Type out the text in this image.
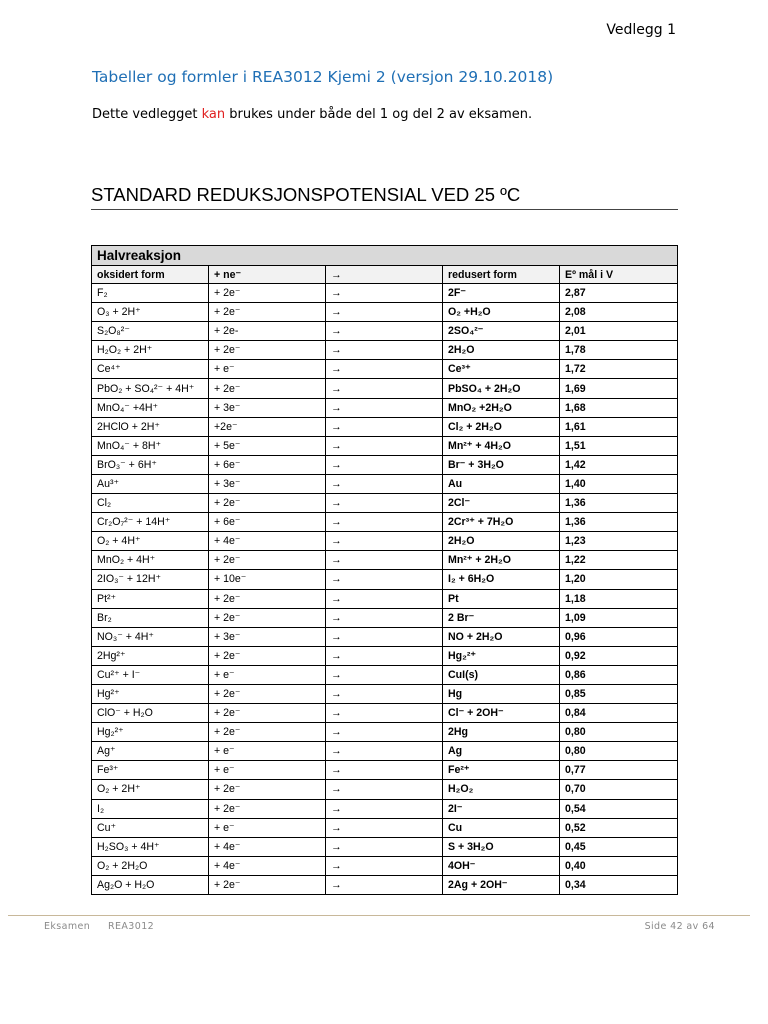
Vedlegg 1
Tabeller og formler i REA3012 Kjemi 2 (versjon 29.10.2018)
Dette vedlegget kan brukes under både del 1 og del 2 av eksamen.
STANDARD REDUKSJONSPOTENSIAL VED 25 ºC
Halvreaksjon				
oksidert form	+ ne⁻	→	redusert form	Eº mål i V
F₂	+ 2e⁻	→	2F⁻	2,87
O₃ + 2H⁺	+ 2e⁻	→	O₂ +H₂O	2,08
S₂O₈²⁻	+ 2e-	→	2SO₄²⁻	2,01
H₂O₂ + 2H⁺	+ 2e⁻	→	2H₂O	1,78
Ce⁴⁺	+ e⁻	→	Ce³⁺	1,72
PbO₂ + SO₄²⁻ + 4H⁺	+ 2e⁻	→	PbSO₄ + 2H₂O	1,69
MnO₄⁻ +4H⁺	+ 3e⁻	→	MnO₂ +2H₂O	1,68
2HClO + 2H⁺	+2e⁻	→	Cl₂ + 2H₂O	1,61
MnO₄⁻ + 8H⁺	+ 5e⁻	→	Mn²⁺ + 4H₂O	1,51
BrO₃⁻ + 6H⁺	+ 6e⁻	→	Br⁻ + 3H₂O	1,42
Au³⁺	+ 3e⁻	→	Au	1,40
Cl₂	+ 2e⁻	→	2Cl⁻	1,36
Cr₂O₇²⁻ + 14H⁺	+ 6e⁻	→	2Cr³⁺ + 7H₂O	1,36
O₂ + 4H⁺	+ 4e⁻	→	2H₂O	1,23
MnO₂ + 4H⁺	+ 2e⁻	→	Mn²⁺ + 2H₂O	1,22
2IO₃⁻ + 12H⁺	+ 10e⁻	→	I₂ + 6H₂O	1,20
Pt²⁺	+ 2e⁻	→	Pt	1,18
Br₂	+ 2e⁻	→	2 Br⁻	1,09
NO₃⁻ + 4H⁺	+ 3e⁻	→	NO + 2H₂O	0,96
2Hg²⁺	+ 2e⁻	→	Hg₂²⁺	0,92
Cu²⁺ + I⁻	+ e⁻	→	CuI(s)	0,86
Hg²⁺	+ 2e⁻	→	Hg	0,85
ClO⁻ + H₂O	+ 2e⁻	→	Cl⁻ + 2OH⁻	0,84
Hg₂²⁺	+ 2e⁻	→	2Hg	0,80
Ag⁺	+ e⁻	→	Ag	0,80
Fe³⁺	+ e⁻	→	Fe²⁺	0,77
O₂ + 2H⁺	+ 2e⁻	→	H₂O₂	0,70
I₂	+ 2e⁻	→	2I⁻	0,54
Cu⁺	+ e⁻	→	Cu	0,52
H₂SO₃ + 4H⁺	+ 4e⁻	→	S + 3H₂O	0,45
O₂ + 2H₂O	+ 4e⁻	→	4OH⁻	0,40
Ag₂O + H₂O	+ 2e⁻	→	2Ag + 2OH⁻	0,34
Eksamen REA3012	Side 42 av 64
